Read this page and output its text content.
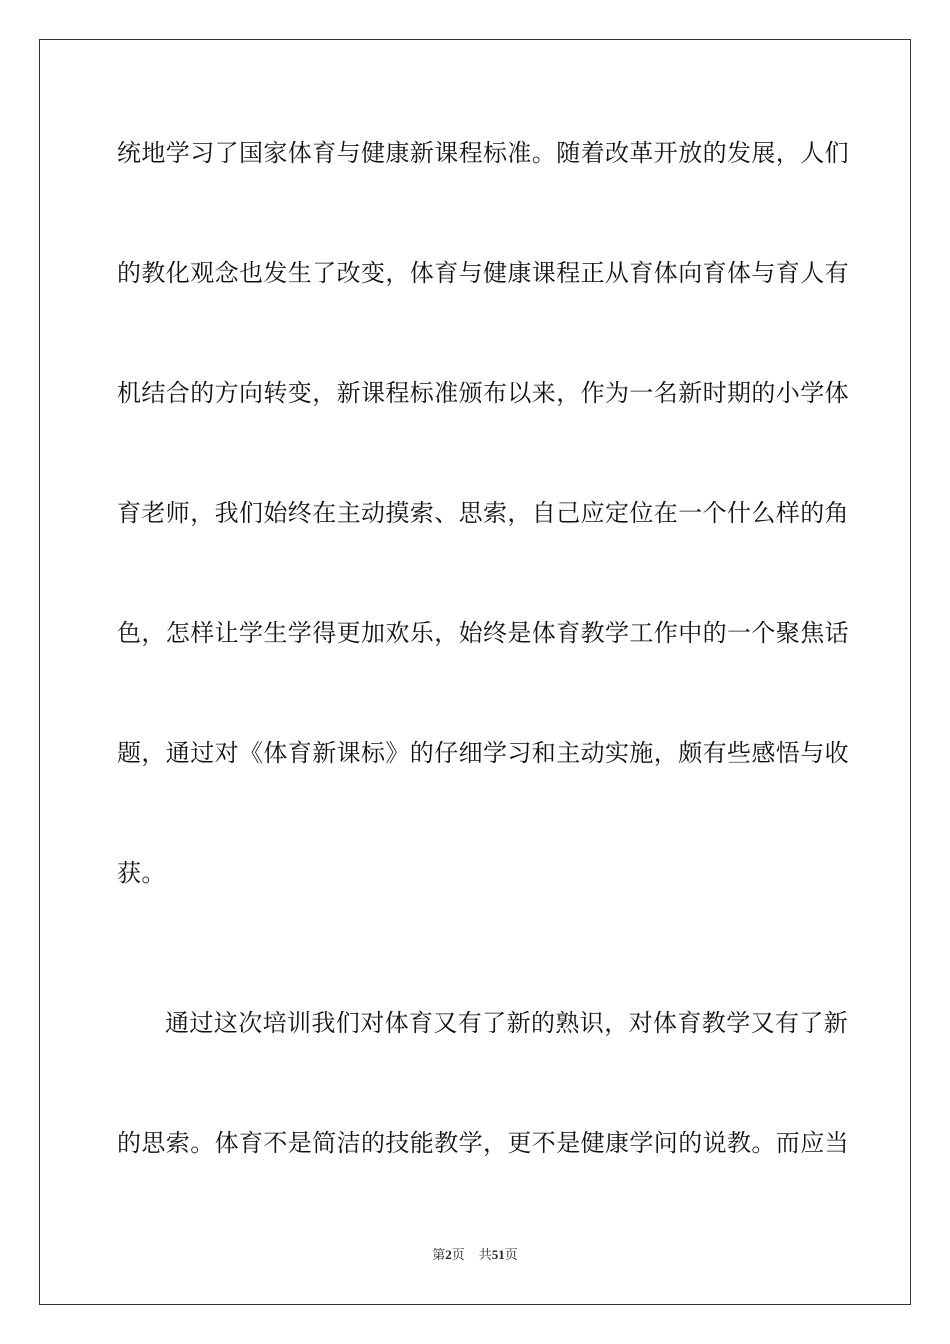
统地学习了国家体育与健康新课程标准。随着改革开放的发展，人们
的教化观念也发生了改变，体育与健康课程正从育体向育体与育人有
机结合的方向转变，新课程标准颁布以来，作为一名新时期的小学体
育老师，我们始终在主动摸索、思索，自己应定位在一个什么样的角
色，怎样让学生学得更加欢乐，始终是体育教学工作中的一个聚焦话
题，通过对《体育新课标》的仔细学习和主动实施，颇有些感悟与收
获。
通过这次培训我们对体育又有了新的熟识，对体育教学又有了新
的思索。体育不是简洁的技能教学，更不是健康学问的说教。而应当
第2页 共51页
